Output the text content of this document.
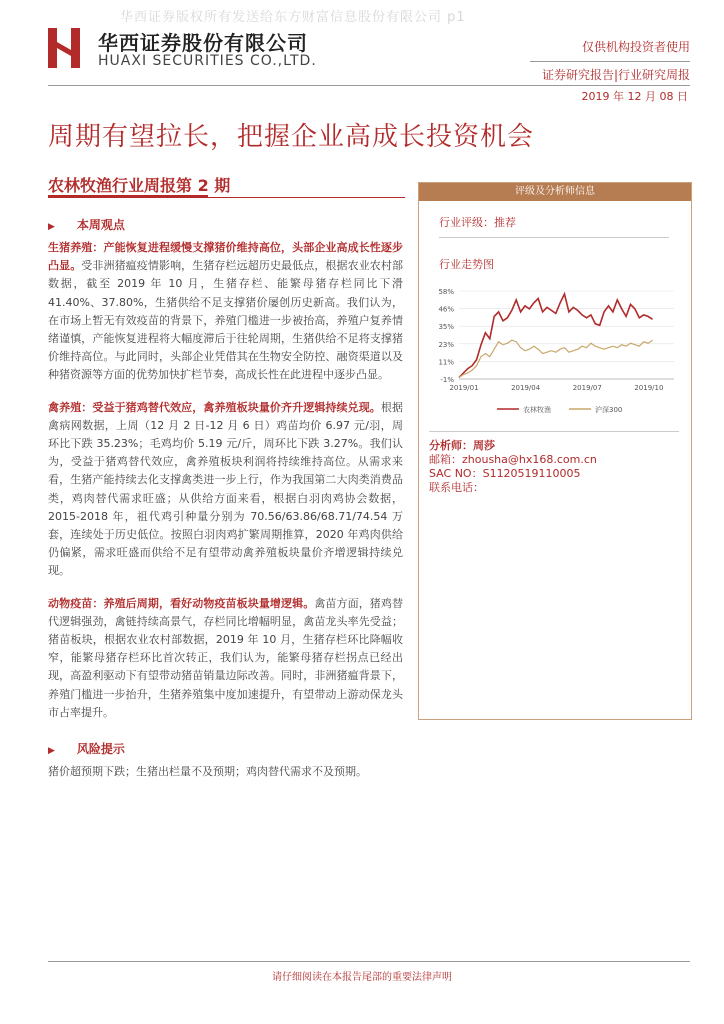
华西证券版权所有发送给东方财富信息股份有限公司 p1
华西证券股份有限公司
HUAXI SECURITIES CO.,LTD.
仅供机构投资者使用
证券研究报告|行业研究周报
2019 年 12 月 08 日
周期有望拉长，把握企业高成长投资机会
农林牧渔行业周报第 2 期
▶ 本周观点

生猪养殖：产能恢复进程缓慢支撑猪价维持高位，头部企业高成长性逐步凸显。受非洲猪瘟疫情影响，生猪存栏远超历史最低点，根据农业农村部数据，截至 2019 年 10 月，生猪存栏、能繁母猪存栏同比下滑 41.40%、37.80%，生猪供给不足支撑猪价屡创历史新高。我们认为，在市场上暂无有效疫苗的背景下，养殖门槛进一步被抬高，养殖户复养情绪谨慎，产能恢复进程将大幅度滞后于往轮周期，生猪供给不足将支撑猪价维持高位。与此同时，头部企业凭借其在生物安全防控、融资渠道以及种猪资源等方面的优势加快扩栏节奏，高成长性在此进程中逐步凸显。

禽养殖：受益于猪鸡替代效应，禽养殖板块量价齐升逻辑持续兑现。根据禽病网数据，上周（12 月 2 日-12 月 6 日）鸡苗均价 6.97 元/羽，周环比下跌 35.23%；毛鸡均价 5.19 元/斤，周环比下跌 3.27%。我们认为，受益于猪鸡替代效应，禽养殖板块利润将持续维持高位。从需求来看，生猪产能持续去化支撑禽类进一步上行，作为我国第二大肉类消费品类，鸡肉替代需求旺盛；从供给方面来看，根据白羽肉鸡协会数据，2015-2018 年，祖代鸡引种量分别为 70.56/63.86/68.71/74.54 万套，连续处于历史低位。按照白羽肉鸡扩繁周期推算，2020 年鸡肉供给仍偏紧，需求旺盛而供给不足有望带动禽养殖板块量价齐增逻辑持续兑现。

动物疫苗：养殖后周期，看好动物疫苗板块量增逻辑。禽苗方面，猪鸡替代逻辑强劲，禽链持续高景气，存栏同比增幅明显，禽苗龙头率先受益；猪苗板块，根据农业农村部数据，2019 年 10 月，生猪存栏环比降幅收窄，能繁母猪存栏环比首次转正，我们认为，能繁母猪存栏拐点已经出现，高盈利驱动下有望带动猪苗销量边际改善。同时，非洲猪瘟背景下，养殖门槛进一步抬升，生猪养殖集中度加速提升，有望带动上游动保龙头市占率提升。

▶ 风险提示

猪价超预期下跌；生猪出栏量不及预期；鸡肉替代需求不及预期。

评级及分析师信息
行业评级：推荐
行业走势图
58%
46%
35%
23%
11%
-1%
2019/01	2019/04	2019/07	2019/10
农林牧渔	沪深300
分析师：周莎
邮箱：zhousha@hx168.com.cn
SAC NO：S1120519110005
联系电话：
请仔细阅读在本报告尾部的重要法律声明
